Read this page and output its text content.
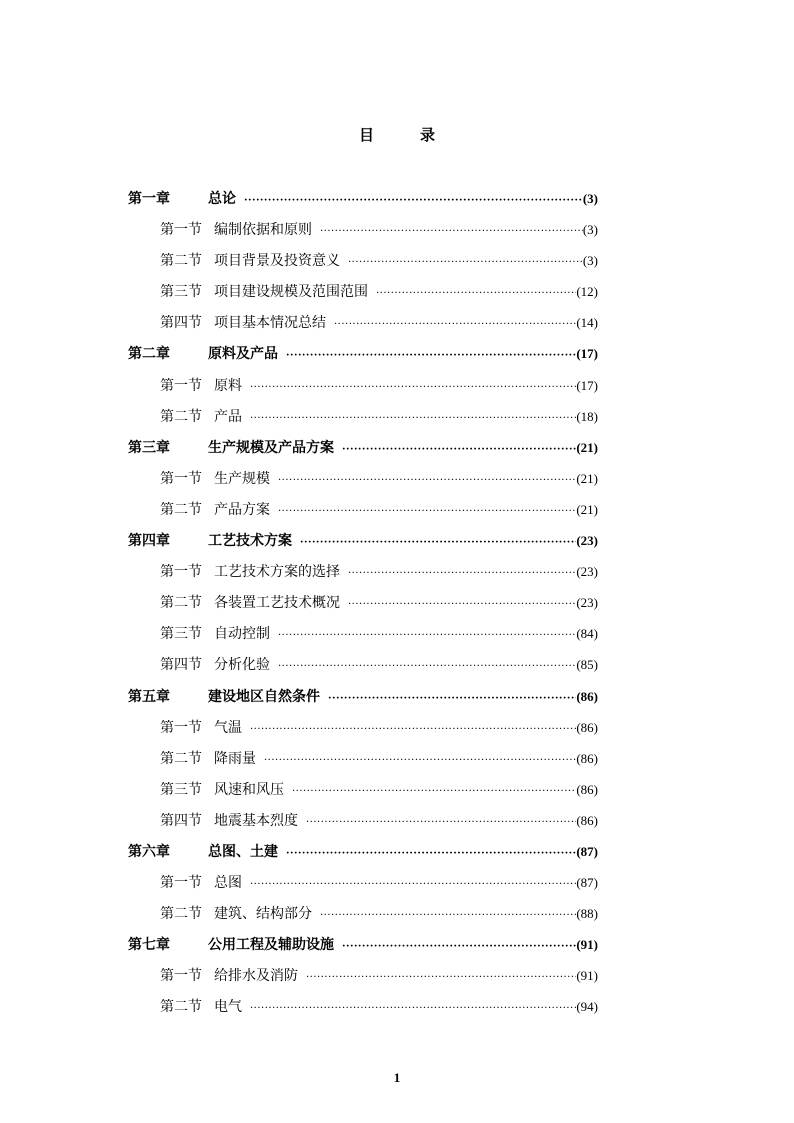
目录
第一章	总论 ·····	(3)
第一节 编制依据和原则 ·····	(3)
第二节 项目背景及投资意义 ·····	(3)
第三节 项目建设规模及范围范围 ·····	(12)
第四节 项目基本情况总结 ·····	(14)
第二章	原料及产品 ·····	(17)
第一节 原料 ·····	(17)
第二节 产品 ·····	(18)
第三章	生产规模及产品方案 ·····	(21)
第一节 生产规模 ·····	(21)
第二节 产品方案 ·····	(21)
第四章	工艺技术方案 ·····	(23)
第一节 工艺技术方案的选择 ·····	(23)
第二节 各装置工艺技术概况 ·····	(23)
第三节 自动控制 ·····	(84)
第四节 分析化验 ·····	(85)
第五章	建设地区自然条件 ·····	(86)
第一节 气温 ·····	(86)
第二节 降雨量 ·····	(86)
第三节 风速和风压 ·····	(86)
第四节 地震基本烈度 ·····	(86)
第六章	总图、土建 ·····	(87)
第一节 总图 ·····	(87)
第二节 建筑、结构部分 ·····	(88)
第七章	公用工程及辅助设施 ·····	(91)
第一节 给排水及消防 ·····	(91)
第二节 电气 ·····	(94)
1
